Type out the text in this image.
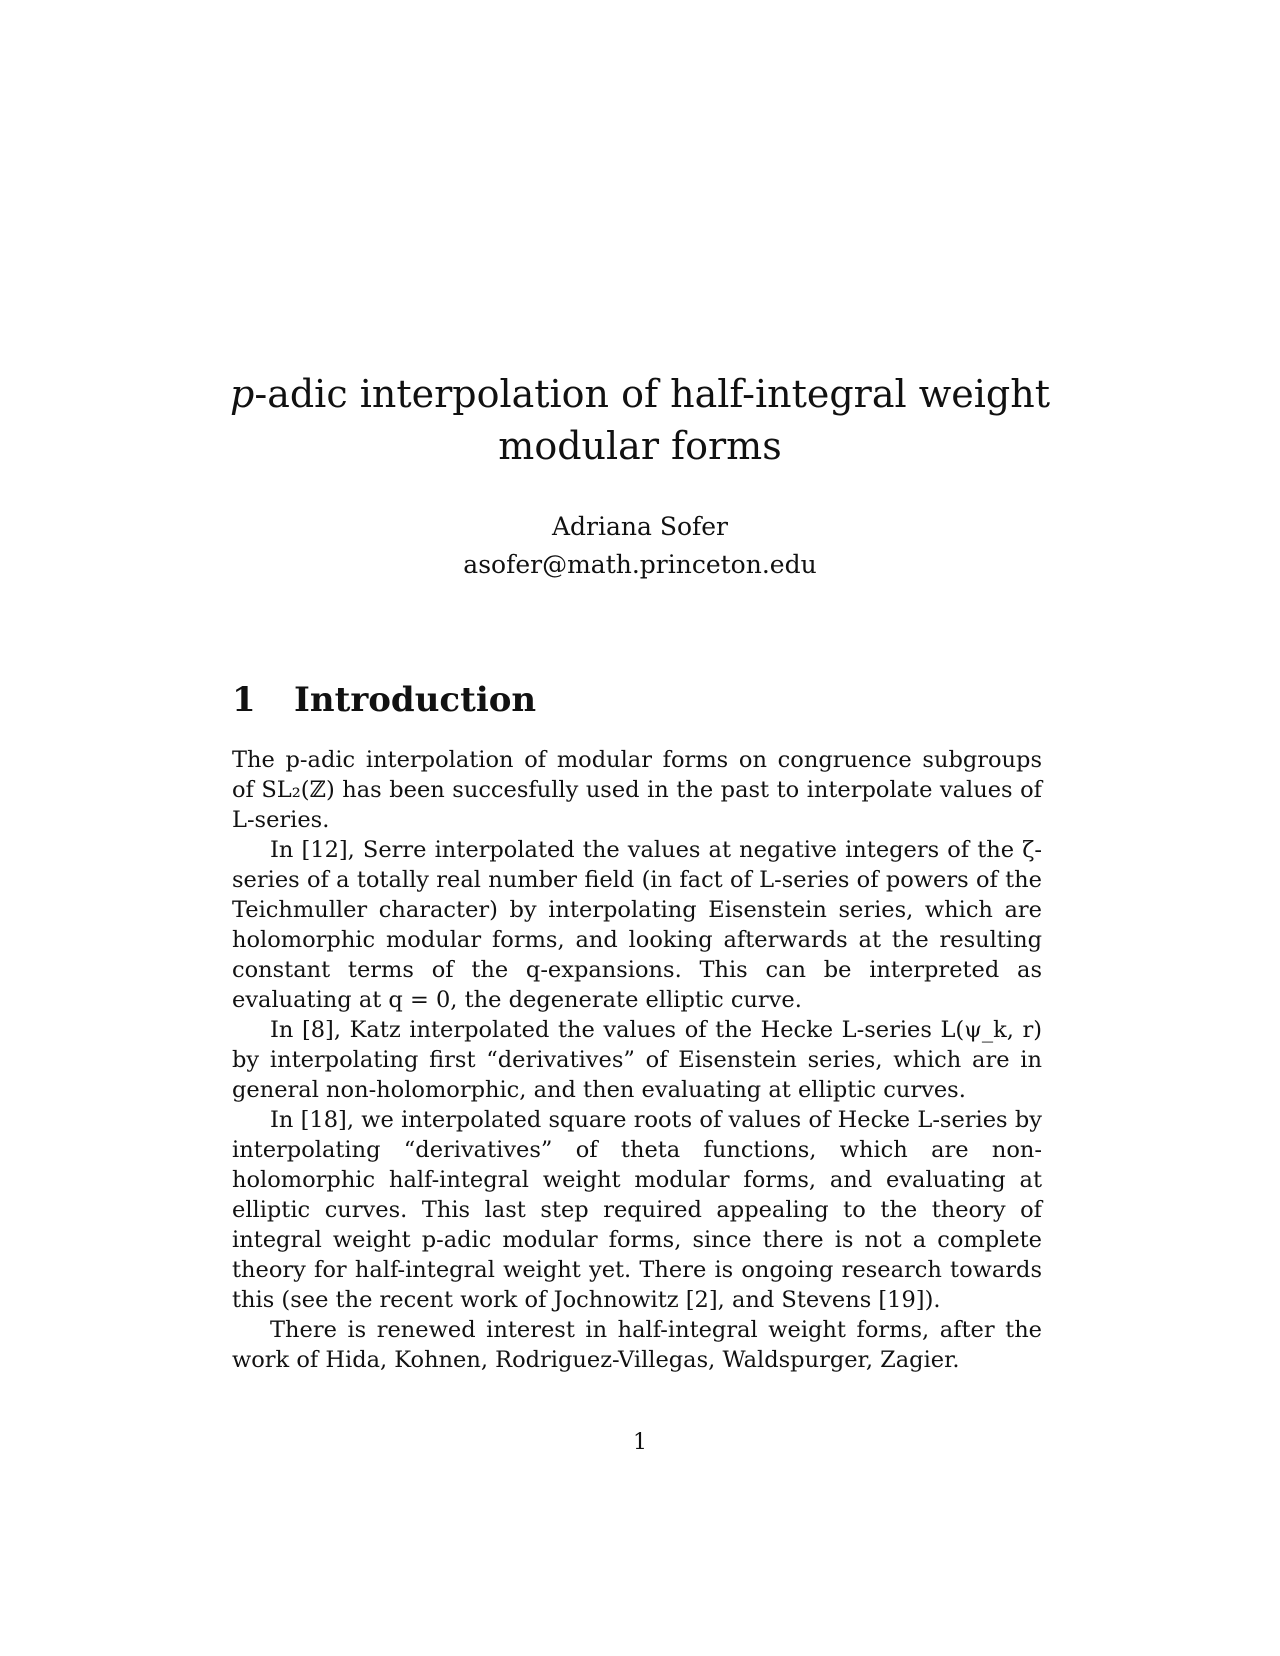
p-adic interpolation of half-integral weight
modular forms
Adriana Sofer
asofer@math.princeton.edu
1 Introduction

The p-adic interpolation of modular forms on congruence subgroups of SL₂(ℤ) has been succesfully used in the past to interpolate values of L-series.

In [12], Serre interpolated the values at negative integers of the ζ-series of a totally real number field (in fact of L-series of powers of the Teichmuller character) by interpolating Eisenstein series, which are holomorphic modular forms, and looking afterwards at the resulting constant terms of the q-expansions. This can be interpreted as evaluating at q = 0, the degenerate elliptic curve.

In [8], Katz interpolated the values of the Hecke L-series L(ψ_k, r) by interpolating first “derivatives” of Eisenstein series, which are in general non-holomorphic, and then evaluating at elliptic curves.

In [18], we interpolated square roots of values of Hecke L-series by interpolating “derivatives” of theta functions, which are non-holomorphic half-integral weight modular forms, and evaluating at elliptic curves. This last step required appealing to the theory of integral weight p-adic modular forms, since there is not a complete theory for half-integral weight yet. There is ongoing research towards this (see the recent work of Jochnowitz [2], and Stevens [19]).

There is renewed interest in half-integral weight forms, after the work of Hida, Kohnen, Rodriguez-Villegas, Waldspurger, Zagier.

1
